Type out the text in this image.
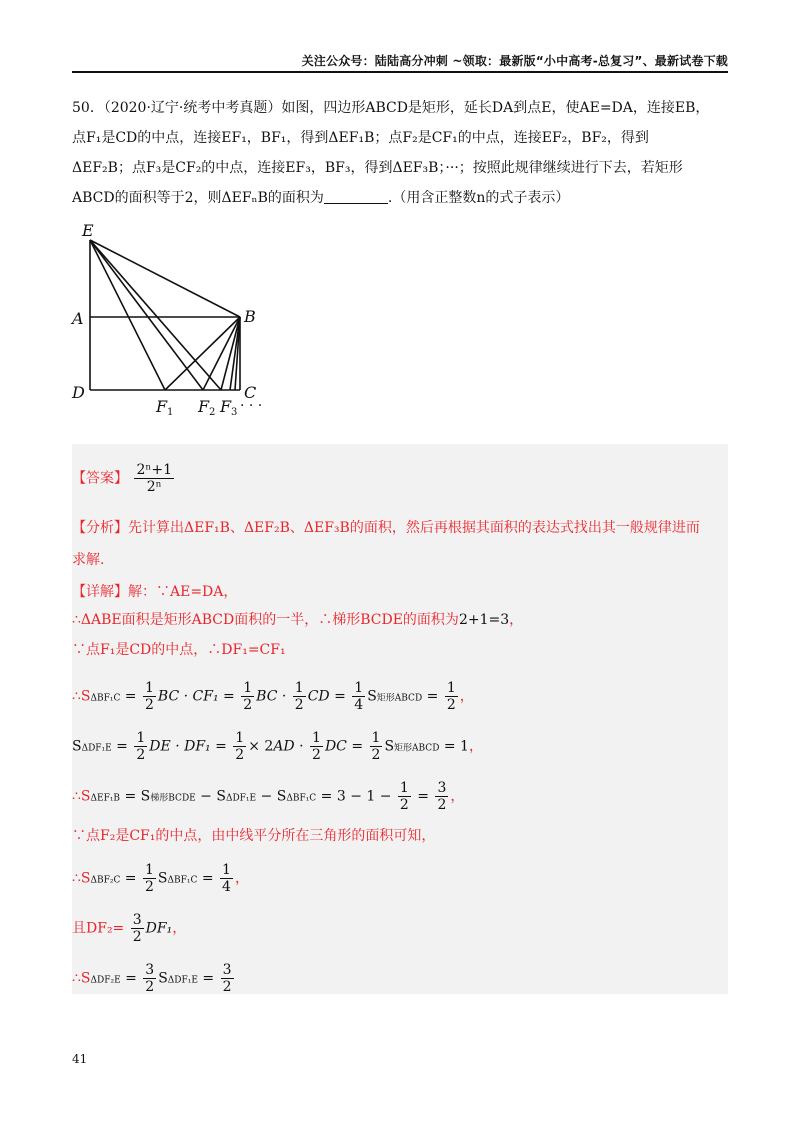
关注公众号：陆陆高分冲刺 ~领取：最新版“小中高考-总复习”、最新试卷下载
50．（2020·辽宁·统考中考真题）如图，四边形ABCD是矩形，延长DA到点E，使AE=DA，连接EB，
点F₁是CD的中点，连接EF₁，BF₁，得到ΔEF₁B；点F₂是CF₁的中点，连接EF₂，BF₂，得到
ΔEF₂B；点F₃是CF₂的中点，连接EF₃，BF₃，得到ΔEF₃B；···；按照此规律继续进行下去，若矩形
ABCD的面积等于2，则ΔEFₙB的面积为	.（用含正整数n的式子表示）
E
A	B
D	C
F F F
1	2 3 · · ·
【答案】 $\frac{\text{2ⁿ+1}}{\text{2ⁿ}}$
【分析】先计算出ΔEF₁B、ΔEF₂B、ΔEF₃B的面积，然后再根据其面积的表达式找出其一般规律进而
求解.
【详解】解：∵AE=DA，
∴ΔABE面积是矩形ABCD面积的一半，∴梯形BCDE的面积为2+1=3，
∵点F₁是CD的中点，∴DF₁=CF₁
∴SΔBF₁C = $\frac{1}{2}$ BC · $CF_1 = \frac{1}{2}$ BC · $\frac{1}{2}$ CD = $\frac{1}{4}$ S矩形ABCD = $\frac{1}{2}$ ，
$S\Delta DF_1E = \frac{1}{2}$ DE · $DF_1 = \frac{1}{2} \times 2AD \cdot \frac{1}{2}$ DC = $\frac{1}{2}$ S矩形ABCD = 1，
∴SΔEF₁B = S梯形BCDE − $S\Delta DF_1E - S\Delta BF_1C = 3 - 1 - \frac{1}{2} = \frac{3}{2}$ ，
∵点F₂是CF₁的中点，由中线平分所在三角形的面积可知，
∴SΔBF₂C = $\frac{1}{2} S\Delta BF_1C = \frac{1}{4}$ ，
且$DF_2= \frac{3}{2} DF_1$，
∴SΔDF₂E = $\frac{3}{2} S\Delta DF_1E = \frac{3}{2}$
41
